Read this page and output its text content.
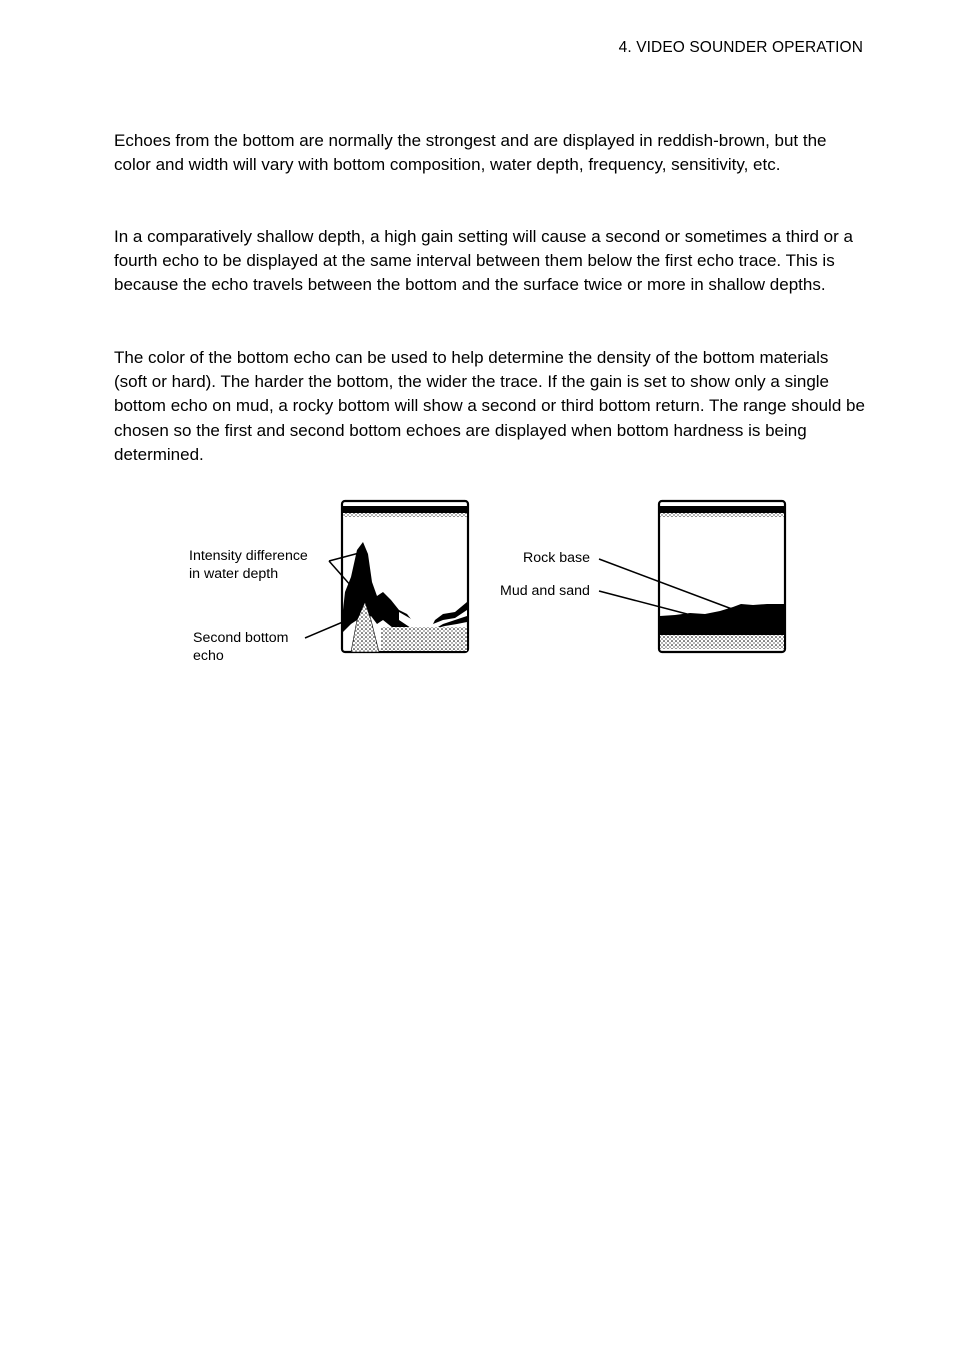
4. VIDEO SOUNDER OPERATION

Echoes from the bottom are normally the strongest and are displayed in reddish-brown, but the color and width will vary with bottom composition, water depth, frequency, sensitivity, etc.

In a comparatively shallow depth, a high gain setting will cause a second or sometimes a third or a fourth echo to be displayed at the same interval between them below the first echo trace. This is because the echo travels between the bottom and the surface twice or more in shallow depths.

The color of the bottom echo can be used to help determine the density of the bottom materials (soft or hard). The harder the bottom, the wider the trace. If the gain is set to show only a single bottom echo on mud, a rocky bottom will show a second or third bottom return. The range should be chosen so the first and second bottom echoes are displayed when bottom hardness is being determined.

Intensity difference
in water depth
Second bottom
echo
Rock base
Mud and sand
